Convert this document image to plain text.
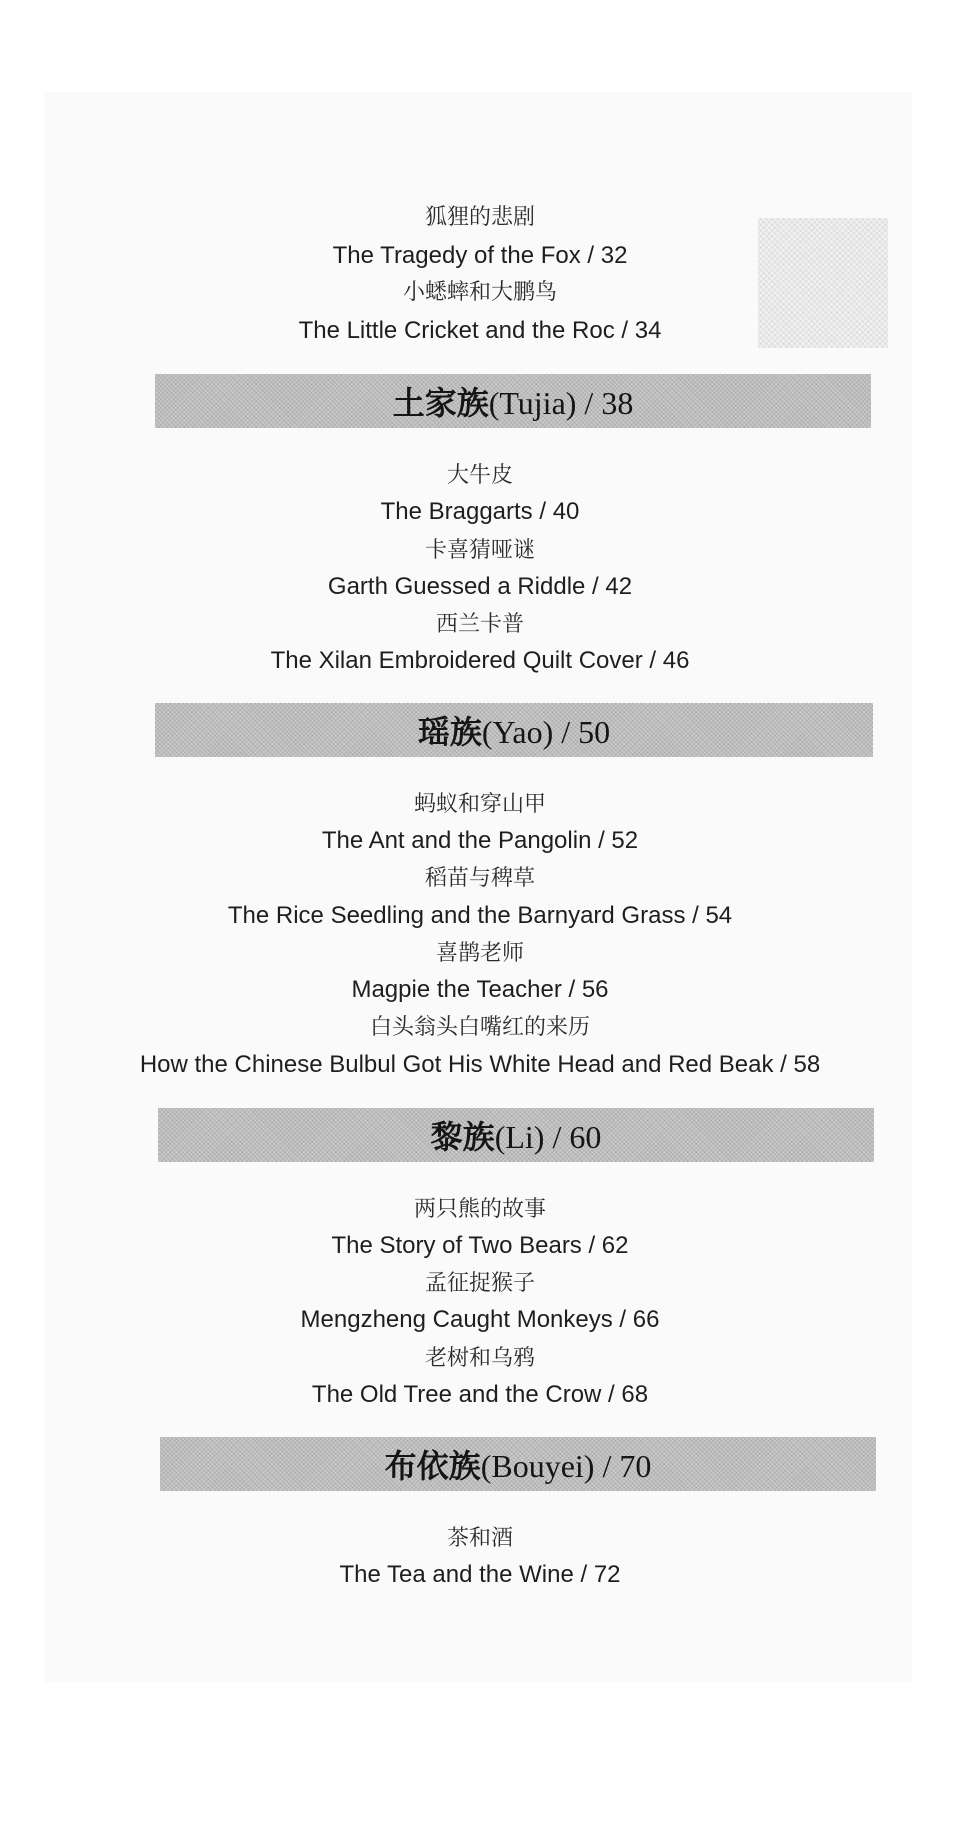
狐狸的悲剧
The Tragedy of the Fox / 32
小蟋蟀和大鹏鸟
The Little Cricket and the Roc / 34
土家族(Tujia) / 38
大牛皮
The Braggarts / 40
卡喜猜哑谜
Garth Guessed a Riddle / 42
西兰卡普
The Xilan Embroidered Quilt Cover / 46
瑶族(Yao) / 50
蚂蚁和穿山甲
The Ant and the Pangolin / 52
稻苗与稗草
The Rice Seedling and the Barnyard Grass / 54
喜鹊老师
Magpie the Teacher / 56
白头翁头白嘴红的来历
How the Chinese Bulbul Got His White Head and Red Beak / 58
黎族(Li) / 60
两只熊的故事
The Story of Two Bears / 62
孟征捉猴子
Mengzheng Caught Monkeys / 66
老树和乌鸦
The Old Tree and the Crow / 68
布依族(Bouyei) / 70
茶和酒
The Tea and the Wine / 72
